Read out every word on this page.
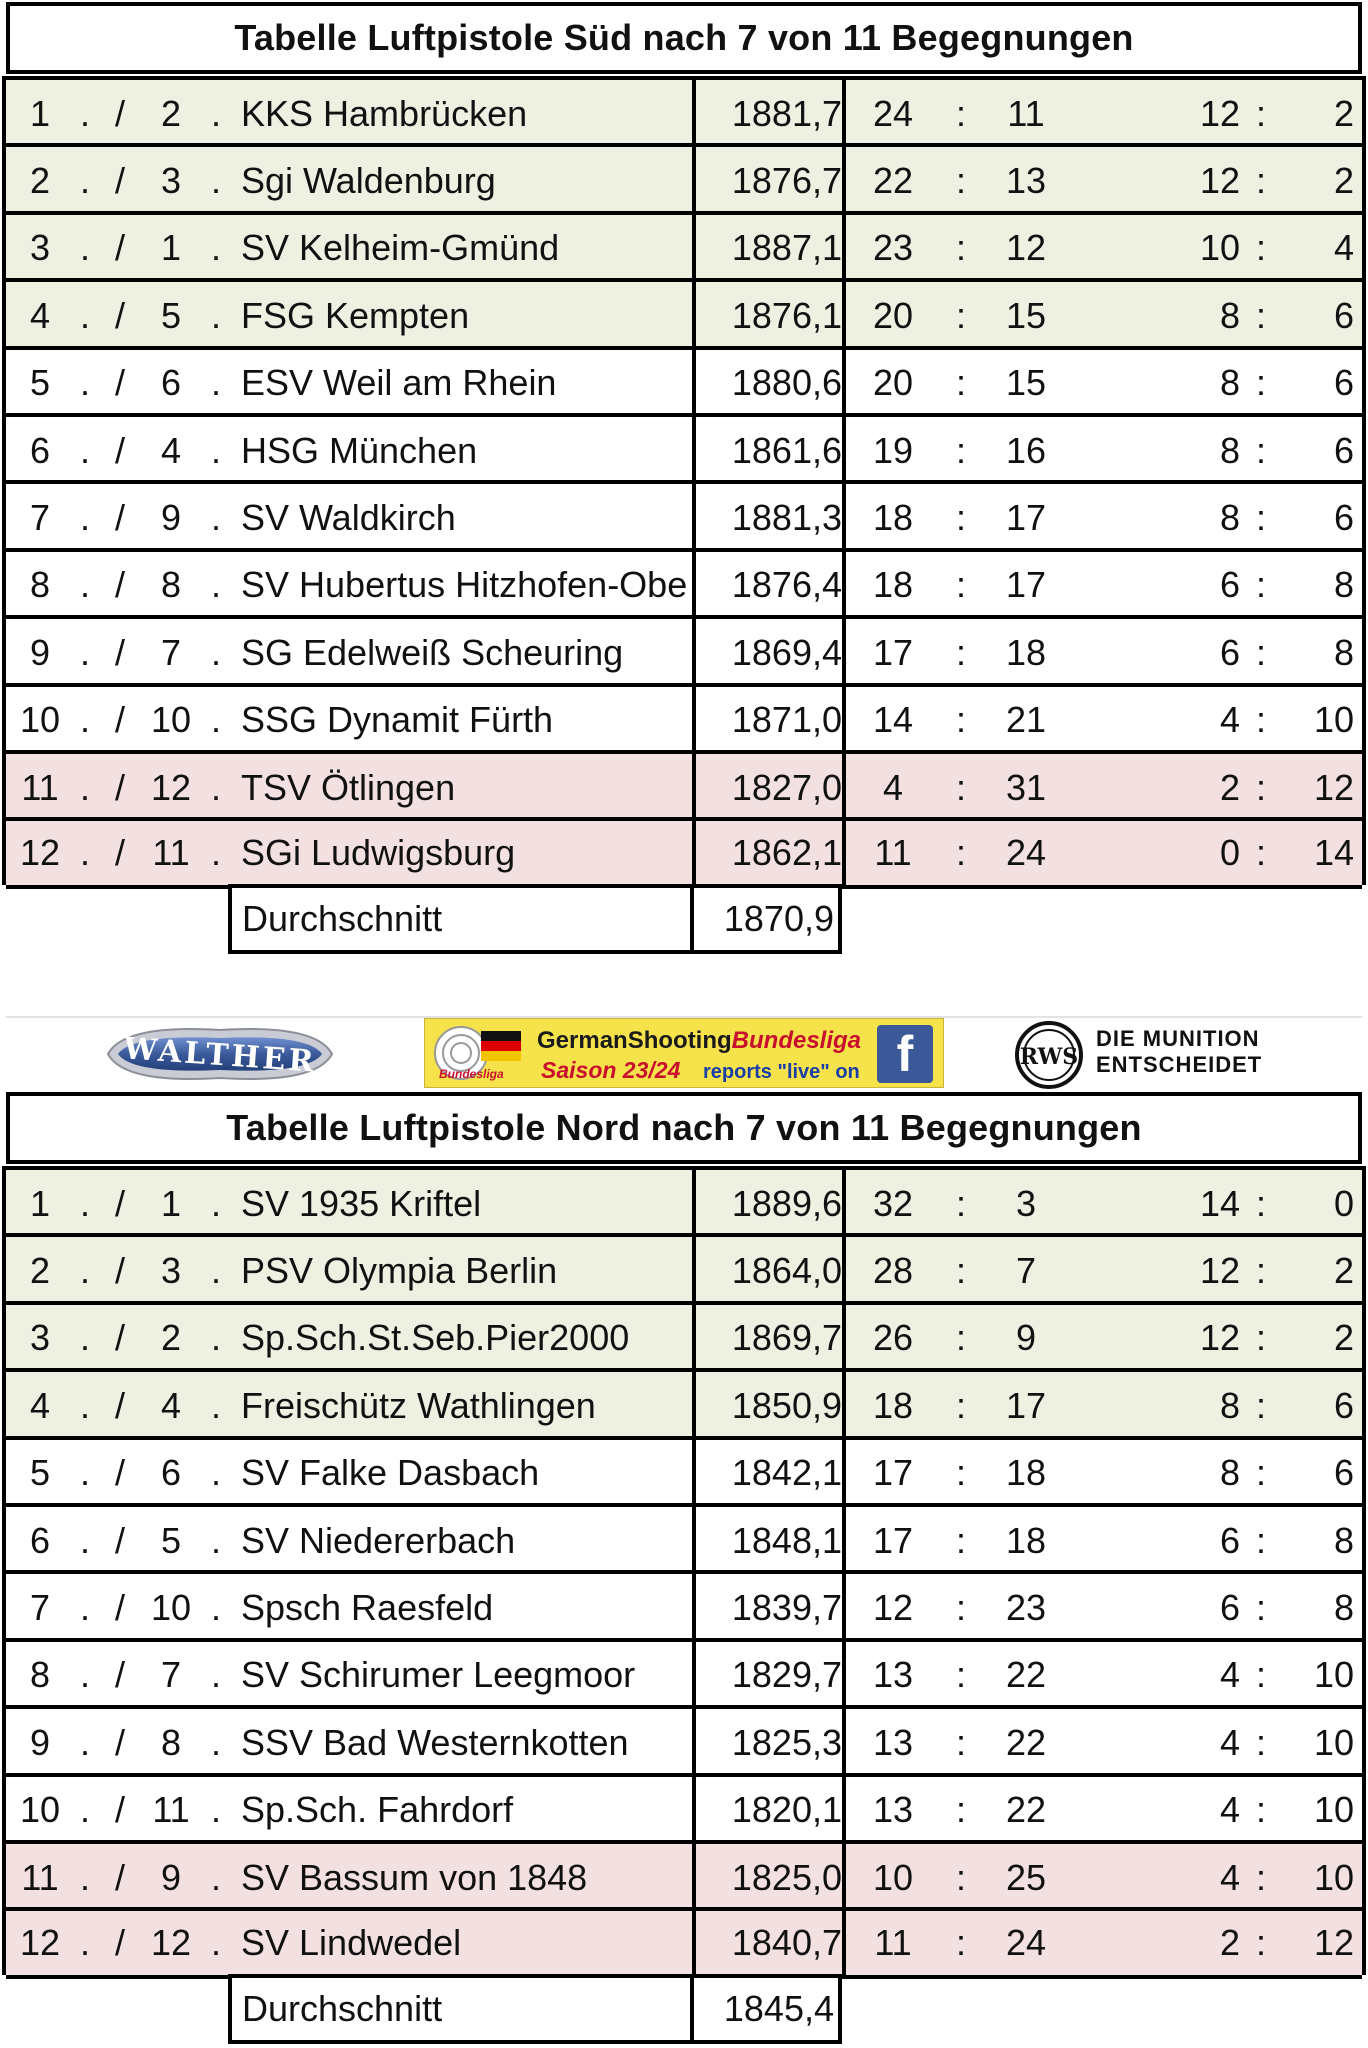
Tabelle Luftpistole Süd nach 7 von 11 Begegnungen
1 . / 2 . KKS Hambrücken	1881,7 24	:	11	12 :	2
2 . / 3 . Sgi Waldenburg	1876,7 22	:	13	12 :	2
3 . / 1 . SV Kelheim-Gmünd	1887,1 23	:	12	10 :	4
4 . / 5 . FSG Kempten	1876,1 20	:	15	8 :	6
5 . / 6 . ESV Weil am Rhein	1880,6 20	:	15	8 :	6
6 . / 4 . HSG München	1861,6 19	:	16	8 :	6
7 . / 9 . SV Waldkirch	1881,3 18	:	17	8 :	6
8 . / 8 . SV Hubertus Hitzhofen-Obe	1876,4 18	:	17	6 :	8
9 . / 7 . SG Edelweiß Scheuring	1869,4 17	:	18	6 :	8
10 . / 10 . SSG Dynamit Fürth	1871,0 14	:	21	4 :	10
11 . / 12 . TSV Ötlingen	1827,0	4	:	31	2 :	12
12 . / 11 . SGi Ludwigsburg	1862,1 11	:	24	0 :	14
Durchschnitt	1870,9
WALTHER	Bundesliga
GermanShootingBundesliga
Saison 23/24 reports "live" on f	RWS
DIE MUNITION
ENTSCHEIDET
Tabelle Luftpistole Nord nach 7 von 11 Begegnungen
1 . / 1 . SV 1935 Kriftel	1889,6 32	:	3	14 :	0
2 . / 3 . PSV Olympia Berlin	1864,0 28	:	7	12 :	2
3 . / 2 . Sp.Sch.St.Seb.Pier2000	1869,7 26	:	9	12 :	2
4 . / 4 . Freischütz Wathlingen	1850,9 18	:	17	8 :	6
5 . / 6 . SV Falke Dasbach	1842,1 17	:	18	8 :	6
6 . / 5 . SV Niedererbach	1848,1 17	:	18	6 :	8
7 . / 10 . Spsch Raesfeld	1839,7 12	:	23	6 :	8
8 . / 7 . SV Schirumer Leegmoor	1829,7 13	:	22	4 :	10
9 . / 8 . SSV Bad Westernkotten	1825,3 13	:	22	4 :	10
10 . / 11 . Sp.Sch. Fahrdorf	1820,1 13	:	22	4 :	10
11 . / 9 . SV Bassum von 1848	1825,0 10	:	25	4 :	10
12 . / 12 . SV Lindwedel	1840,7 11	:	24	2 :	12
Durchschnitt	1845,4
